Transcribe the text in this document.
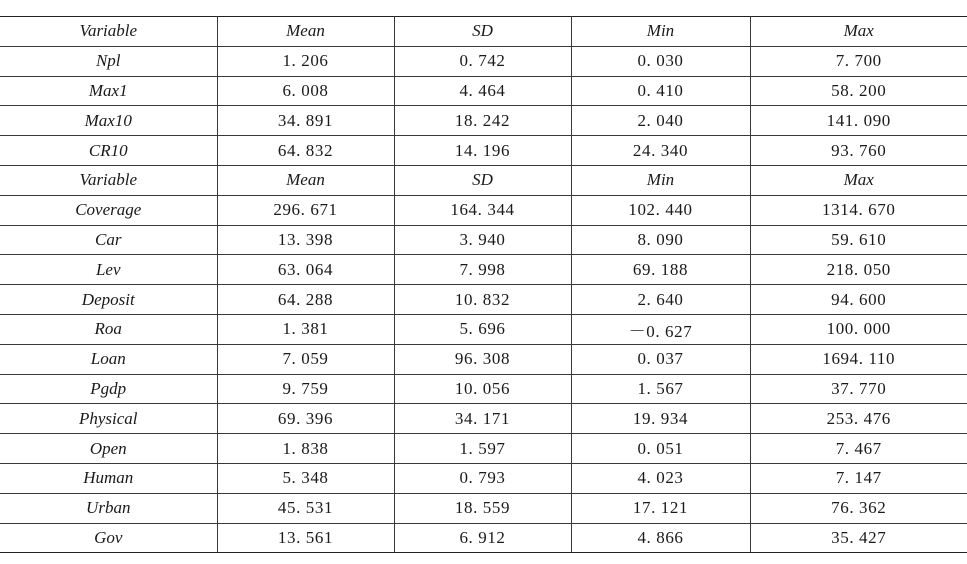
Variable	Mean	SD	Min	Max
Npl	1. 206	0. 742	0. 030	7. 700
Max1	6. 008	4. 464	0. 410	58. 200
Max10	34. 891	18. 242	2. 040	141. 090
CR10	64. 832	14. 196	24. 340	93. 760
Variable	Mean	SD	Min	Max
Coverage	296. 671	164. 344	102. 440	1314. 670
Car	13. 398	3. 940	8. 090	59. 610
Lev	63. 064	7. 998	69. 188	218. 050
Deposit	64. 288	10. 832	2. 640	94. 600
Roa	1. 381	5. 696	－0. 627	100. 000
Loan	7. 059	96. 308	0. 037	1694. 110
Pgdp	9. 759	10. 056	1. 567	37. 770
Physical	69. 396	34. 171	19. 934	253. 476
Open	1. 838	1. 597	0. 051	7. 467
Human	5. 348	0. 793	4. 023	7. 147
Urban	45. 531	18. 559	17. 121	76. 362
Gov	13. 561	6. 912	4. 866	35. 427
